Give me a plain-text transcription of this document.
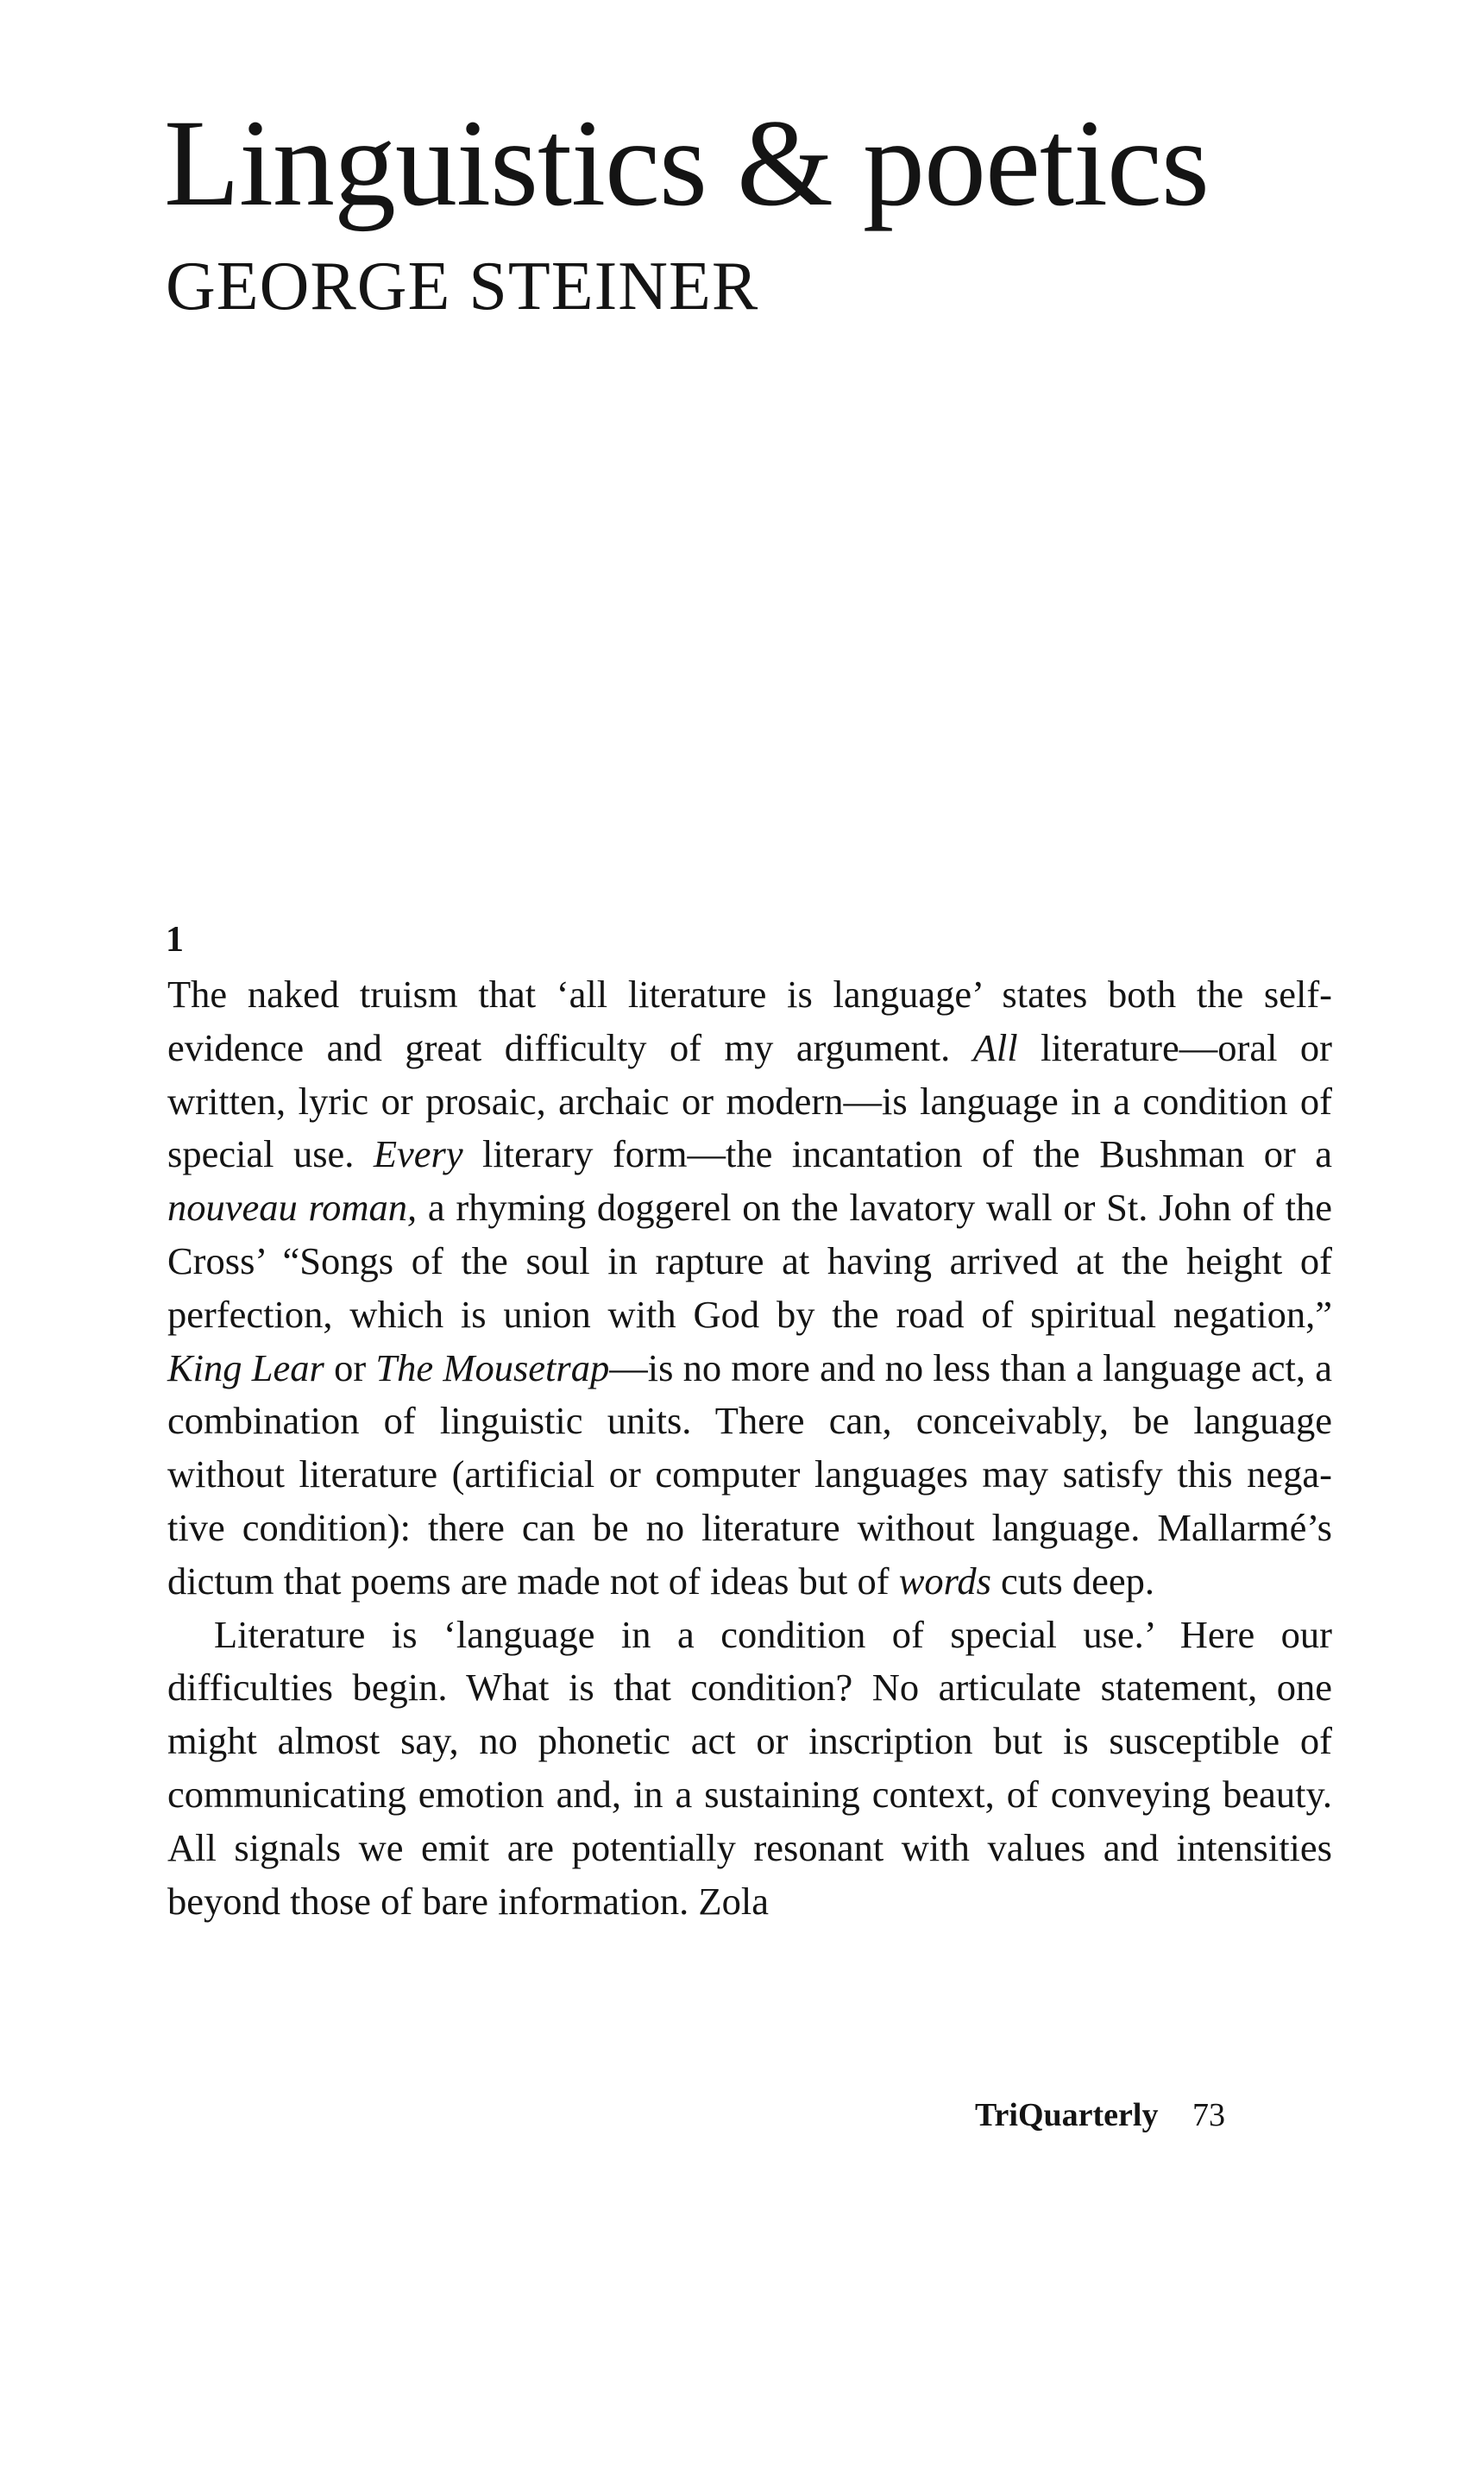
Linguistics & poetics
GEORGE STEINER
1

The naked truism that ‘all literature is language’ states both the self-evidence and great difficulty of my argument. All literature—oral or written, lyric or prosaic, archaic or modern—is language in a condition of special use. Every literary form—the incantation of the Bushman or a nouveau roman, a rhyming doggerel on the lavatory wall or St. John of the Cross’ “Songs of the soul in rapture at having arrived at the height of perfection, which is union with God by the road of spiritual negation,” King Lear or The Mousetrap—is no more and no less than a language act, a combination of linguistic units. There can, conceivably, be language without literature (artificial or computer languages may satisfy this negative condition): there can be no literature without language. Mallarmé’s dictum that poems are made not of ideas but of words cuts deep.

Literature is ‘language in a condition of special use.’ Here our difficulties begin. What is that condition? No articulate statement, one might almost say, no phonetic act or inscription but is susceptible of communicating emotion and, in a sustaining context, of conveying beauty. All signals we emit are potentially resonant with values and intensities beyond those of bare information. Zola

TriQuarterly 73
